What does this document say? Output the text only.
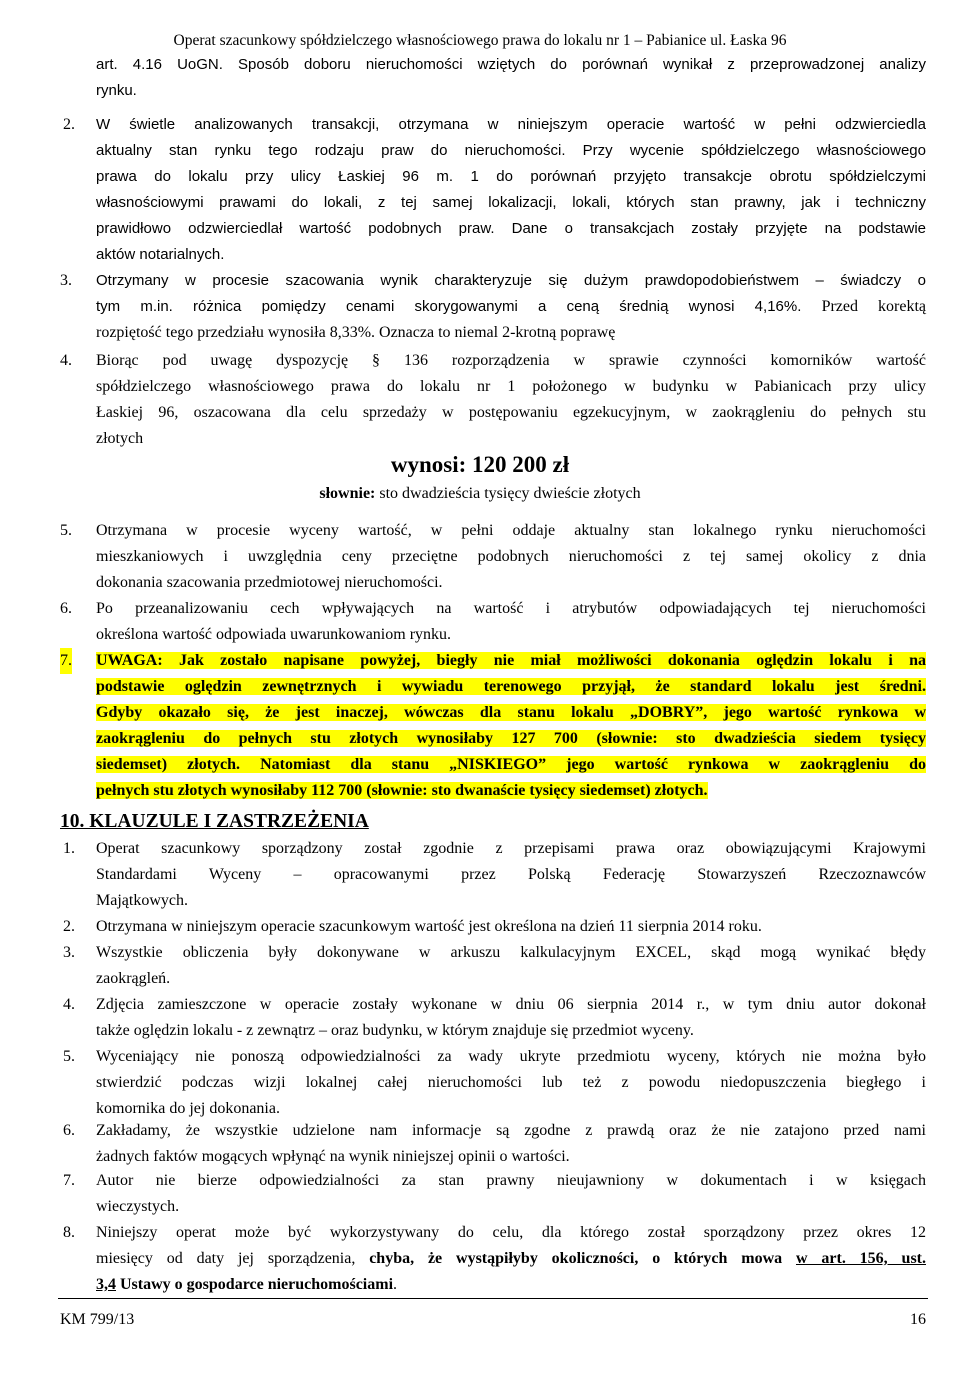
Operat szacunkowy spółdzielczego własnościowego prawa do lokalu nr 1 – Pabianice ul. Łaska 96
art. 4.16 UoGN. Sposób doboru nieruchomości wziętych do porównań wynikał z przeprowadzonej analizy
rynku.
2. W świetle analizowanych transakcji, otrzymana w niniejszym operacie wartość w pełni odzwierciedla
aktualny stan rynku tego rodzaju praw do nieruchomości. Przy wycenie spółdzielczego własnościowego
prawa do lokalu przy ulicy Łaskiej 96 m. 1 do porównań przyjęto transakcje obrotu spółdzielczymi
własnościowymi prawami do lokali, z tej samej lokalizacji, lokali, których stan prawny, jak i techniczny
prawidłowo odzwierciedlał wartość podobnych praw. Dane o transakcjach zostały przyjęte na podstawie
aktów notarialnych.
3. Otrzymany w procesie szacowania wynik charakteryzuje się dużym prawdopodobieństwem – świadczy o
tym m.in. różnica pomiędzy cenami skorygowanymi a ceną średnią wynosi 4,16%. Przed korektą
rozpiętość tego przedziału wynosiła 8,33%. Oznacza to niemal 2-krotną poprawę
4. Biorąc pod uwagę dyspozycję § 136 rozporządzenia w sprawie czynności komorników wartość
spółdzielczego własnościowego prawa do lokalu nr 1 położonego w budynku w Pabianicach przy ulicy
Łaskiej 96, oszacowana dla celu sprzedaży w postępowaniu egzekucyjnym, w zaokrągleniu do pełnych stu
złotych
wynosi: 120 200 zł
słownie: sto dwadzieścia tysięcy dwieście złotych
5. Otrzymana w procesie wyceny wartość, w pełni oddaje aktualny stan lokalnego rynku nieruchomości
mieszkaniowych i uwzględnia ceny przeciętne podobnych nieruchomości z tej samej okolicy z dnia
dokonania szacowania przedmiotowej nieruchomości.
6. Po przeanalizowaniu cech wpływających na wartość i atrybutów odpowiadających tej nieruchomości
określona wartość odpowiada uwarunkowaniom rynku.
7. UWAGA: Jak zostało napisane powyżej, biegły nie miał możliwości dokonania oględzin lokalu i na
podstawie oględzin zewnętrznych i wywiadu terenowego przyjął, że standard lokalu jest średni.
Gdyby okazało się, że jest inaczej, wówczas dla stanu lokalu „DOBRY”, jego wartość rynkowa w
zaokrągleniu do pełnych stu złotych wynosiłaby 127 700 (słownie: sto dwadzieścia siedem tysięcy
siedemset) złotych. Natomiast dla stanu „NISKIEGO” jego wartość rynkowa w zaokrągleniu do
pełnych stu złotych wynosiłaby 112 700 (słownie: sto dwanaście tysięcy siedemset) złotych.
10. KLAUZULE I ZASTRZEŻENIA
1. Operat szacunkowy sporządzony został zgodnie z przepisami prawa oraz obowiązującymi Krajowymi
Standardami Wyceny – opracowanymi przez Polską Federację Stowarzyszeń Rzeczoznawców
Majątkowych.
2. Otrzymana w niniejszym operacie szacunkowym wartość jest określona na dzień 11 sierpnia 2014 roku.
3. Wszystkie obliczenia były dokonywane w arkuszu kalkulacyjnym EXCEL, skąd mogą wynikać błędy
zaokrągleń.
4. Zdjęcia zamieszczone w operacie zostały wykonane w dniu 06 sierpnia 2014 r., w tym dniu autor dokonał
także oględzin lokalu - z zewnątrz – oraz budynku, w którym znajduje się przedmiot wyceny.
5. Wyceniający nie ponoszą odpowiedzialności za wady ukryte przedmiotu wyceny, których nie można było
stwierdzić podczas wizji lokalnej całej nieruchomości lub też z powodu niedopuszczenia biegłego i
komornika do jej dokonania.
6. Zakładamy, że wszystkie udzielone nam informacje są zgodne z prawdą oraz że nie zatajono przed nami
żadnych faktów mogących wpłynąć na wynik niniejszej opinii o wartości.
7. Autor nie bierze odpowiedzialności za stan prawny nieujawniony w dokumentach i w księgach
wieczystych.
8. Niniejszy operat może być wykorzystywany do celu, dla którego został sporządzony przez okres 12
miesięcy od daty jej sporządzenia, chyba, że wystąpiłyby okoliczności, o których mowa w art. 156, ust.
3,4 Ustawy o gospodarce nieruchomościami.
KM 799/13	16
